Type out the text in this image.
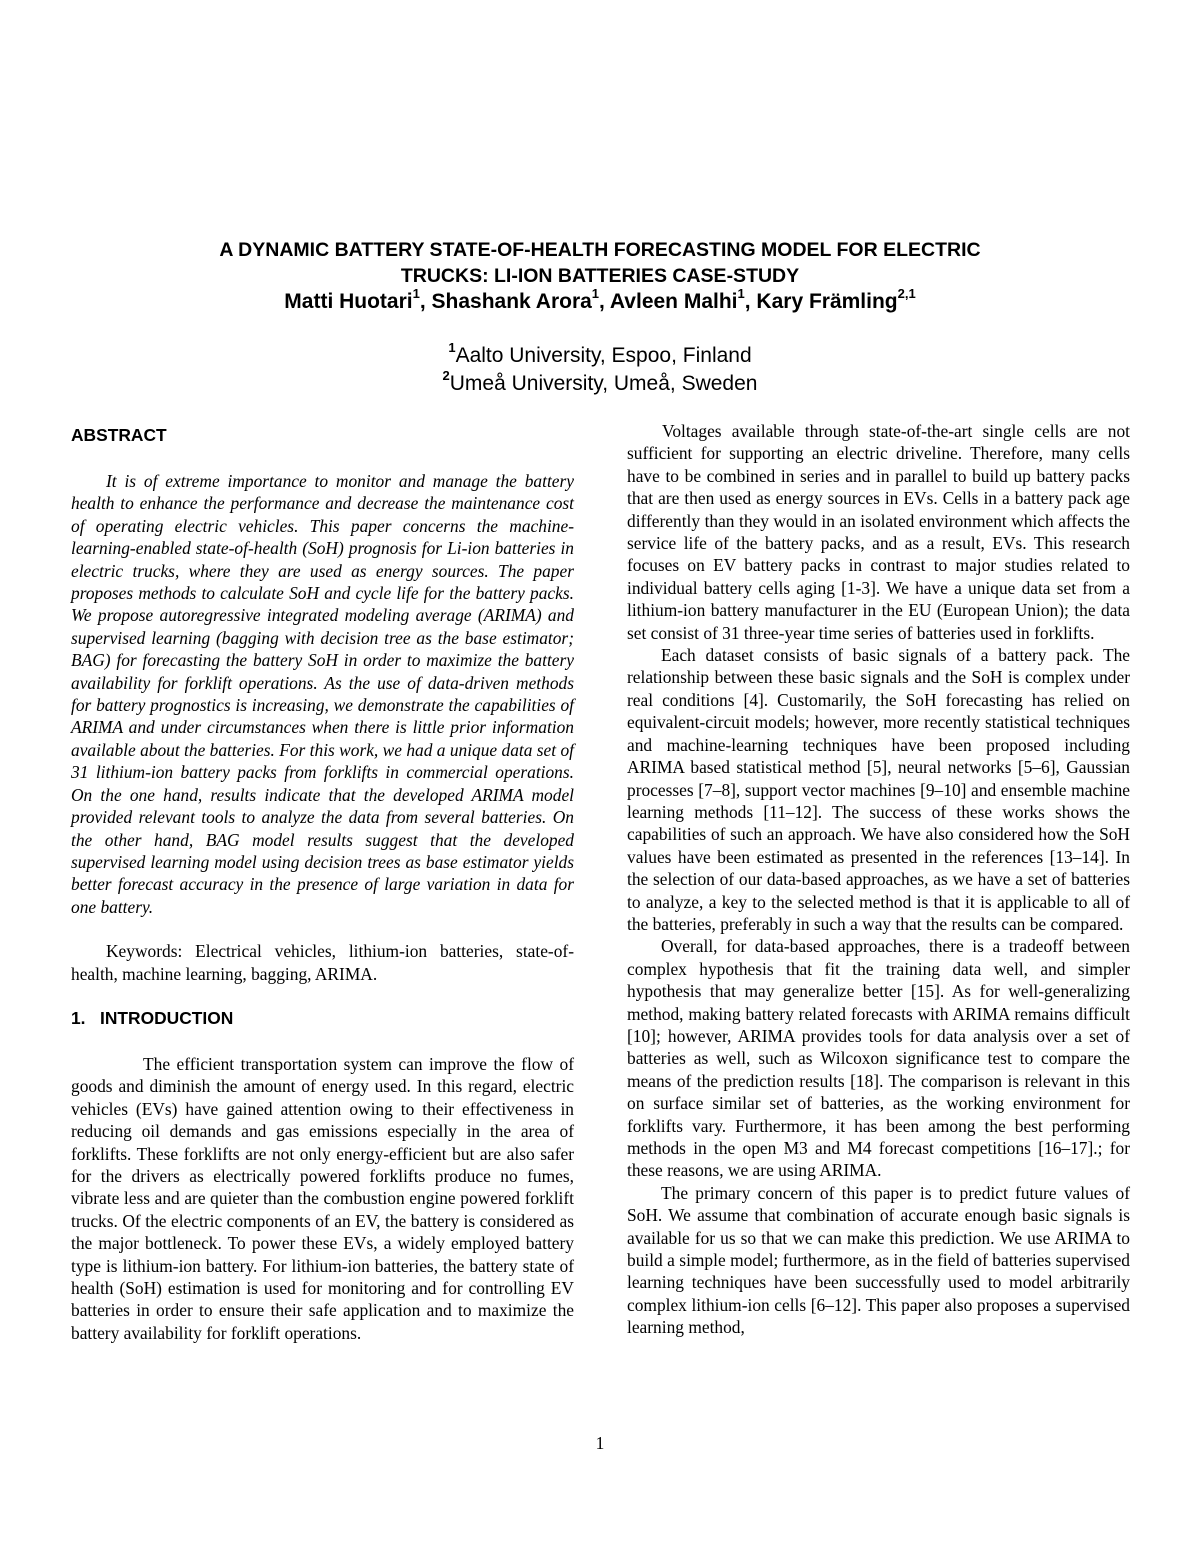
A DYNAMIC BATTERY STATE-OF-HEALTH FORECASTING MODEL FOR ELECTRIC
TRUCKS: LI-ION BATTERIES CASE-STUDY
Matti Huotari$^1$, Shashank Arora$^1$, Avleen Malhi$^1$, Kary Främling$^{2,1}$
$^1$Aalto University, Espoo, Finland
$^2$Umeå University, Umeå, Sweden
ABSTRACT

It is of extreme importance to monitor and manage the battery health to enhance the performance and decrease the maintenance cost of operating electric vehicles. This paper concerns the machine-learning-enabled state-of-health (SoH) prognosis for Li-ion batteries in electric trucks, where they are used as energy sources. The paper proposes methods to calculate SoH and cycle life for the battery packs. We propose autoregressive integrated modeling average (ARIMA) and supervised learning (bagging with decision tree as the base estimator; BAG) for forecasting the battery SoH in order to maximize the battery availability for forklift operations. As the use of data-driven methods for battery prognostics is increasing, we demonstrate the capabilities of ARIMA and under circumstances when there is little prior information available about the batteries. For this work, we had a unique data set of 31 lithium-ion battery packs from forklifts in commercial operations. On the one hand, results indicate that the developed ARIMA model provided relevant tools to analyze the data from several batteries. On the other hand, BAG model results suggest that the developed supervised learning model using decision trees as base estimator yields better forecast accuracy in the presence of large variation in data for one battery.

Keywords: Electrical vehicles, lithium-ion batteries, state-of-health, machine learning, bagging, ARIMA.

1.   INTRODUCTION

The efficient transportation system can improve the flow of goods and diminish the amount of energy used. In this regard, electric vehicles (EVs) have gained attention owing to their effectiveness in reducing oil demands and gas emissions especially in the area of forklifts. These forklifts are not only energy-efficient but are also safer for the drivers as electrically powered forklifts produce no fumes, vibrate less and are quieter than the combustion engine powered forklift trucks. Of the electric components of an EV, the battery is considered as the major bottleneck. To power these EVs, a widely employed battery type is lithium-ion battery. For lithium-ion batteries, the battery state of health (SoH) estimation is used for monitoring and for controlling EV batteries in order to ensure their safe application and to maximize the battery availability for forklift operations.

Voltages available through state-of-the-art single cells are not sufficient for supporting an electric driveline. Therefore, many cells have to be combined in series and in parallel to build up battery packs that are then used as energy sources in EVs. Cells in a battery pack age differently than they would in an isolated environment which affects the service life of the battery packs, and as a result, EVs. This research focuses on EV battery packs in contrast to major studies related to individual battery cells aging [1-3]. We have a unique data set from a lithium-ion battery manufacturer in the EU (European Union); the data set consist of 31 three-year time series of batteries used in forklifts.

Each dataset consists of basic signals of a battery pack. The relationship between these basic signals and the SoH is complex under real conditions [4]. Customarily, the SoH forecasting has relied on equivalent-circuit models; however, more recently statistical techniques and machine-learning techniques have been proposed including ARIMA based statistical method [5], neural networks [5–6], Gaussian processes [7–8], support vector machines [9–10] and ensemble machine learning methods [11–12]. The success of these works shows the capabilities of such an approach. We have also considered how the SoH values have been estimated as presented in the references [13–14]. In the selection of our data-based approaches, as we have a set of batteries to analyze, a key to the selected method is that it is applicable to all of the batteries, preferably in such a way that the results can be compared.

Overall, for data-based approaches, there is a tradeoff between complex hypothesis that fit the training data well, and simpler hypothesis that may generalize better [15]. As for well-generalizing method, making battery related forecasts with ARIMA remains difficult [10]; however, ARIMA provides tools for data analysis over a set of batteries as well, such as Wilcoxon significance test to compare the means of the prediction results [18]. The comparison is relevant in this on surface similar set of batteries, as the working environment for forklifts vary. Furthermore, it has been among the best performing methods in the open M3 and M4 forecast competitions [16–17].; for these reasons, we are using ARIMA.

The primary concern of this paper is to predict future values of SoH. We assume that combination of accurate enough basic signals is available for us so that we can make this prediction. We use ARIMA to build a simple model; furthermore, as in the field of batteries supervised learning techniques have been successfully used to model arbitrarily complex lithium-ion cells [6–12]. This paper also proposes a supervised learning method,

1
